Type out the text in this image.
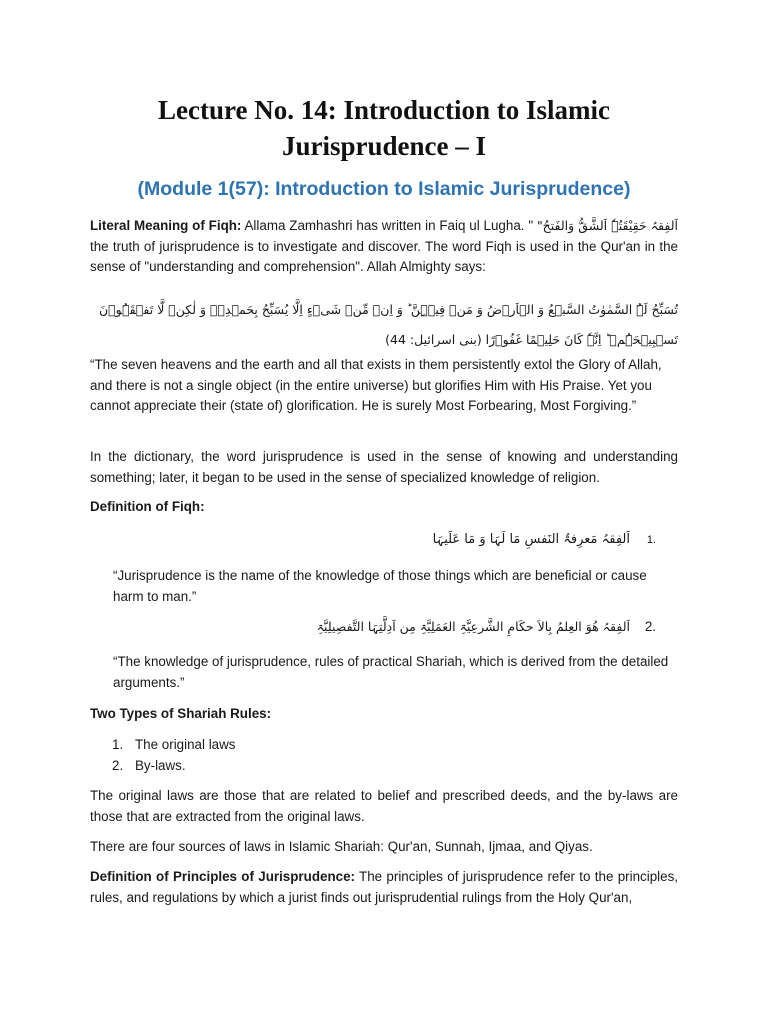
Lecture No. 14: Introduction to Islamic Jurisprudence – I
(Module 1(57): Introduction to Islamic Jurisprudence)

Literal Meaning of Fiqh: Allama Zamhashri has written in Faiq ul Lugha. " اَلفِقہُ حَقِیْقَتُہٗ اَلشَّقُّ وَالفَتحُ" the truth of jurisprudence is to investigate and discover. The word Fiqh is used in the Qur'an in the sense of "understanding and comprehension". Allah Almighty says:

تُسَبِّحُ لَہُ السَّمٰوٰتُ السَّبۡعُ وَ الۡاَرۡضُ وَ مَنۡ فِیۡہِنَّ ؕ وَ اِنۡ مِّنۡ شَیۡءٍ اِلَّا یُسَبِّحُ بِحَمۡدِہٖ وَ لٰکِنۡ لَّا تَفۡقَہُوۡنَ تَسۡبِیۡحَہُمۡ ؕ اِنَّہٗ کَانَ حَلِیۡمًا غَفُوۡرًا (بنی اسرائیل: 44)

“The seven heavens and the earth and all that exists in them persistently extol the Glory of Allah, and there is not a single object (in the entire universe) but glorifies Him with His Praise. Yet you cannot appreciate their (state of) glorification. He is surely Most Forbearing, Most Forgiving.”

In the dictionary, the word jurisprudence is used in the sense of knowing and understanding something; later, it began to be used in the sense of specialized knowledge of religion.

Definition of Fiqh:

1.
اَلفِقہُ مَعرِفۃُ النَفسِ مَا لَہَا وَ مَا عَلَیہَا

“Jurisprudence is the name of the knowledge of those things which are beneficial or cause harm to man.”

2.
اَلفِقہُ ھُوَ العِلمُ بِالاَ حکَامِ الشَّرعِیَّۃِ العَمَلِیَّۃِ مِن اَدِلَّتِہَا التَّفصِیلِیَّۃِ

“The knowledge of jurisprudence, rules of practical Shariah, which is derived from the detailed arguments.”

Two Types of Shariah Rules:

1. The original laws
2. By-laws.

The original laws are those that are related to belief and prescribed deeds, and the by-laws are those that are extracted from the original laws.

There are four sources of laws in Islamic Shariah: Qur'an, Sunnah, Ijmaa, and Qiyas.

Definition of Principles of Jurisprudence: The principles of jurisprudence refer to the principles, rules, and regulations by which a jurist finds out jurisprudential rulings from the Holy Qur'an,
